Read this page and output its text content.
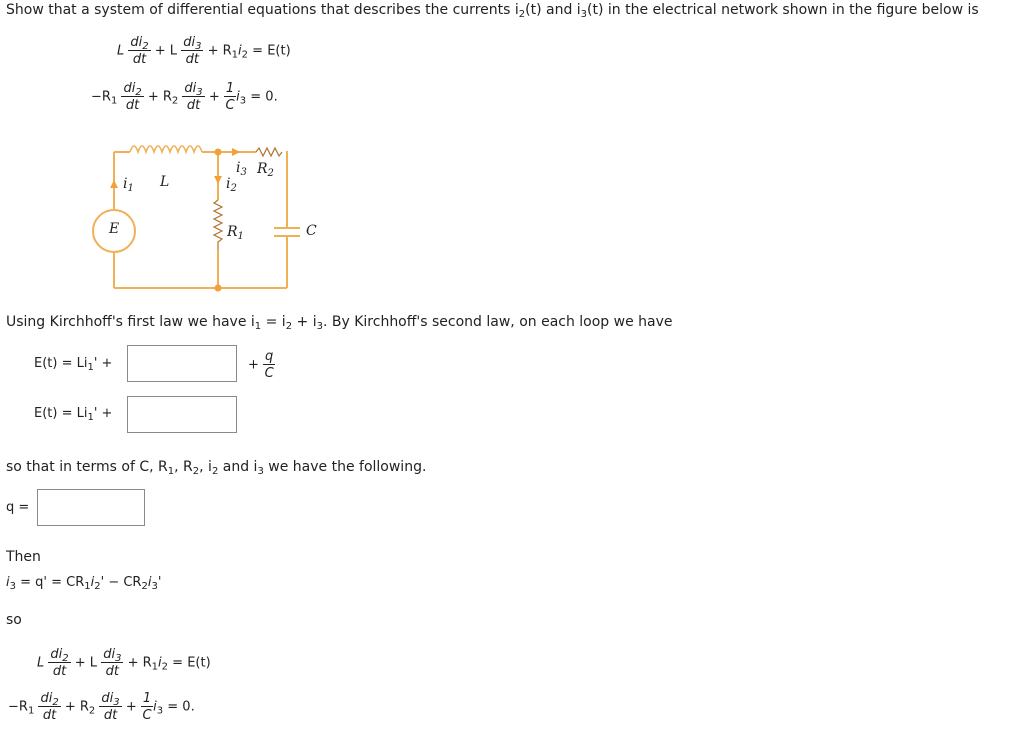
Show that a system of differential equations that describes the currents $i_2(t)$ and $i_3(t)$ in the electrical network shown in the figure below is
L $\frac{di_2}{dt} + L \frac{di_3}{dt} + R_1i_2 = E(t)$
$-R_1 \frac{di_2}{dt} + R_2 \frac{di_3}{dt} + \frac{1}{C} i_3 = 0$.
$i_1$ L
$i_3$ $R_2$
$i_2$
E	$R_1$	C
Using Kirchhoff's first law we have $i_1 = i_2 + i_3$. By Kirchhoff's second law, on each loop we have
$E(t) = Li_1'$ +	+ $\frac{q}{C}$
$E(t) = Li_1'$ +
so that in terms of C, $R_1$, $R_2$, $i_2$ and $i_3$ we have the following.
q =
Then
$i_3 = q' = CR_1i_2' - CR_2i_3'$
so
L $\frac{di_2}{dt} + L \frac{di_3}{dt} + R_1i_2 = E(t)$
$-R_1 \frac{di_2}{dt} + R_2 \frac{di_3}{dt} + \frac{1}{C} i_3 = 0$.
